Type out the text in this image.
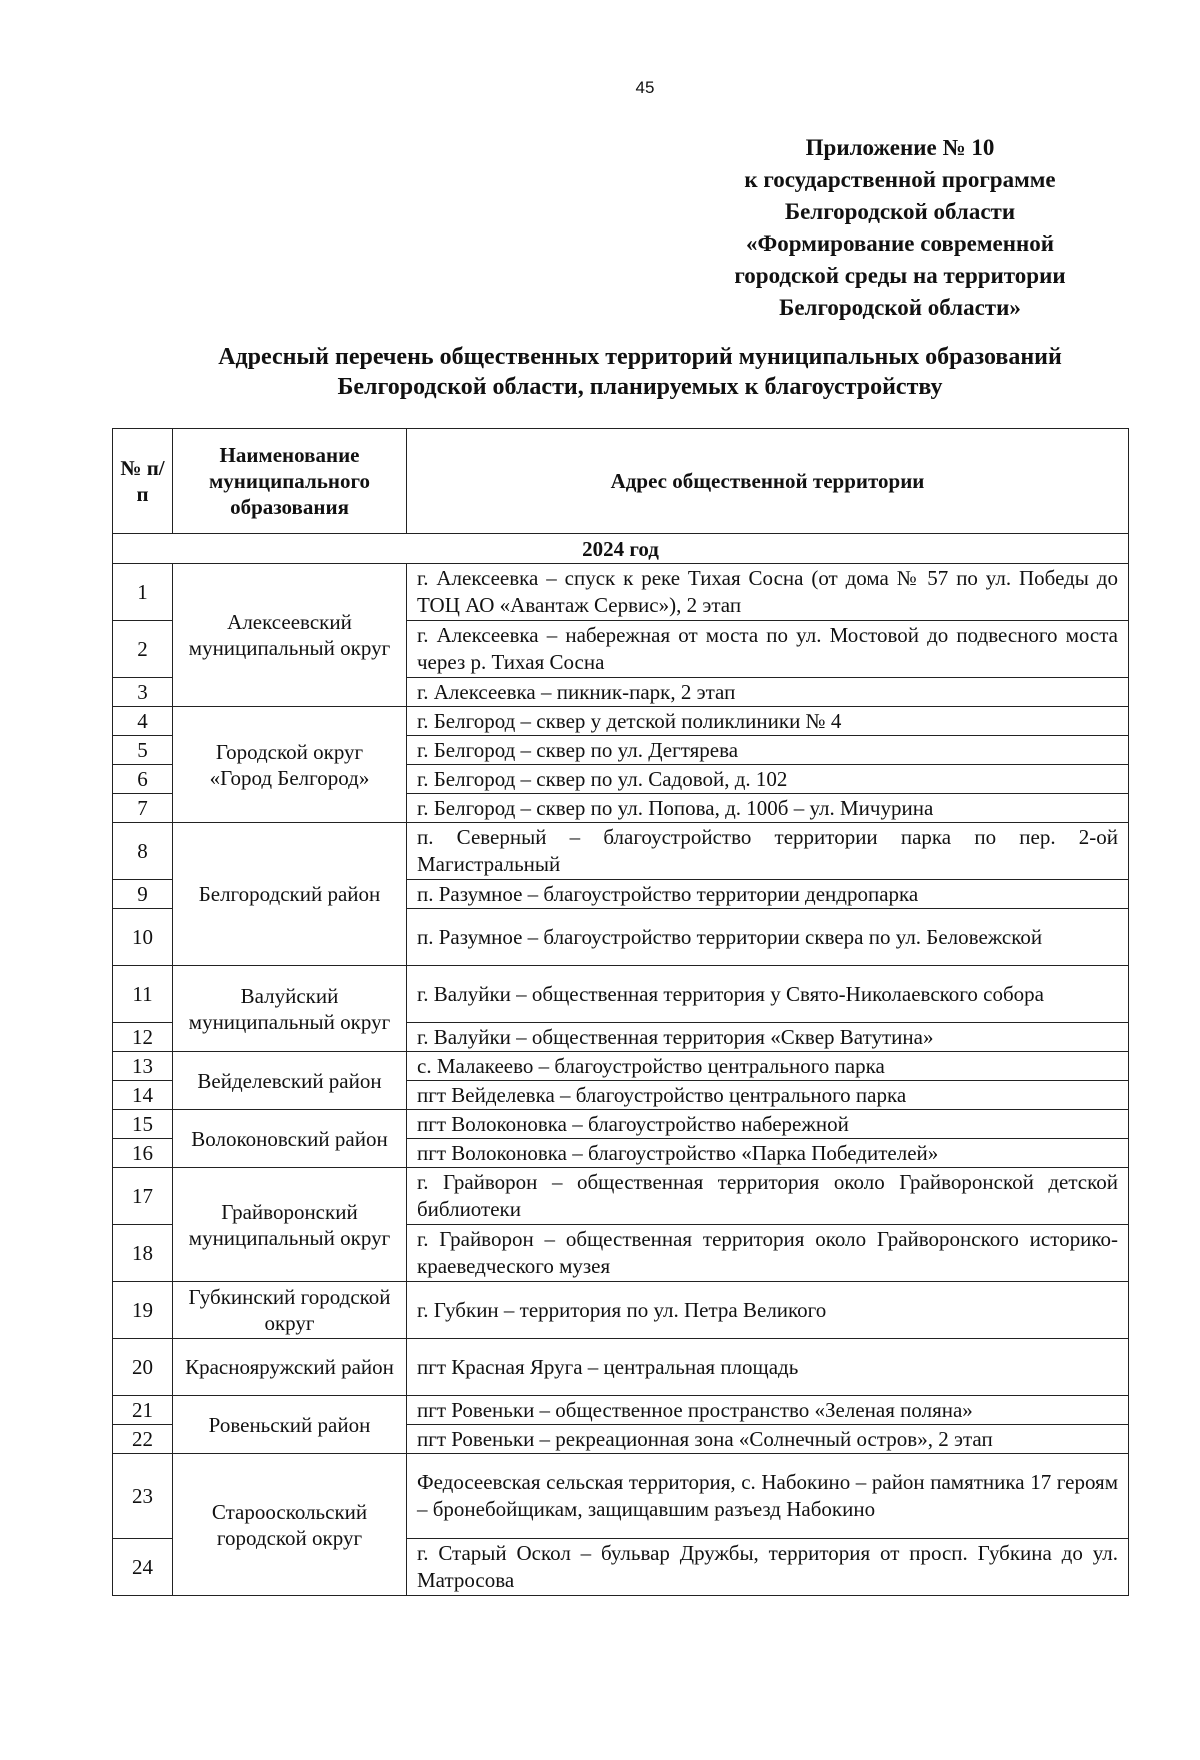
45
Приложение № 10
к государственной программе
Белгородской области
«Формирование современной
городской среды на территории
Белгородской области»
Адресный перечень общественных территорий муниципальных образований
Белгородской области, планируемых к благоустройству
№ п/п	Наименование муниципального образования	Адрес общественной территории
2024 год		
1	Алексеевский муниципальный округ	г. Алексеевка – спуск к реке Тихая Сосна (от дома № 57 по ул. Победы до ТОЦ АО «Авантаж Сервис»), 2 этап
2		г. Алексеевка – набережная от моста по ул. Мостовой до подвесного моста через р. Тихая Сосна
3		г. Алексеевка – пикник-парк, 2 этап
4	Городской округ «Город Белгород»	г. Белгород – сквер у детской поликлиники № 4
5		г. Белгород – сквер по ул. Дегтярева
6		г. Белгород – сквер по ул. Садовой, д. 102
7		г. Белгород – сквер по ул. Попова, д. 100б – ул. Мичурина
8	Белгородский район	п. Северный – благоустройство территории парка по пер. 2-ой Магистральный
9		п. Разумное – благоустройство территории дендропарка
10		п. Разумное – благоустройство территории сквера по ул. Беловежской
11	Валуйский муниципальный округ	г. Валуйки – общественная территория у Свято-Николаевского собора
12		г. Валуйки – общественная территория «Сквер Ватутина»
13	Вейделевский район	с. Малакеево – благоустройство центрального парка
14		пгт Вейделевка – благоустройство центрального парка
15	Волоконовский район	пгт Волоконовка – благоустройство набережной
16		пгт Волоконовка – благоустройство «Парка Победителей»
17	Грайворонский муниципальный округ	г. Грайворон – общественная территория около Грайворонской детской библиотеки
18		г. Грайворон – общественная территория около Грайворонского историко-краеведческого музея
19	Губкинский городской округ	г. Губкин – территория по ул. Петра Великого
20	Краснояружский район	пгт Красная Яруга – центральная площадь
21	Ровеньский район	пгт Ровеньки – общественное пространство «Зеленая поляна»
22		пгт Ровеньки – рекреационная зона «Солнечный остров», 2 этап
23	Старооскольский городской округ	Федосеевская сельская территория, с. Набокино – район памятника 17 героям – бронебойщикам, защищавшим разъезд Набокино
24		г. Старый Оскол – бульвар Дружбы, территория от просп. Губкина до ул. Матросова
